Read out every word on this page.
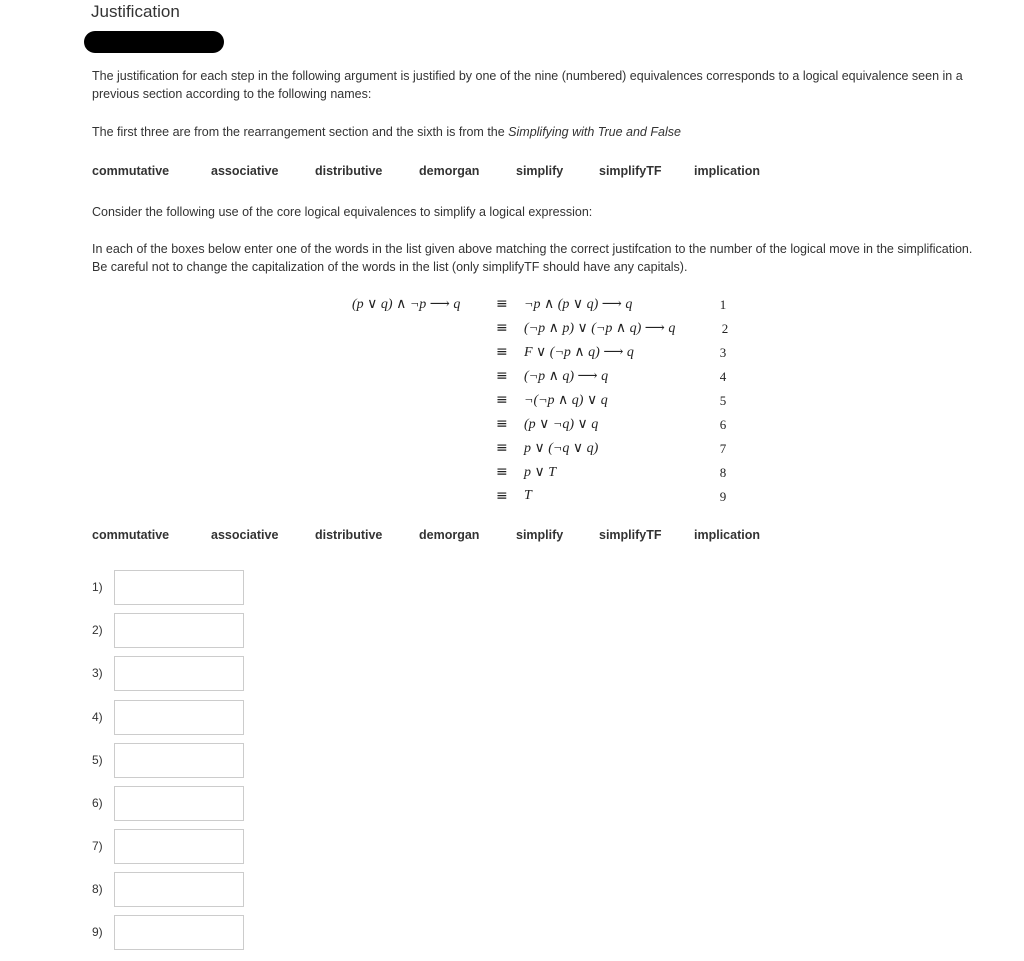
Justification
The justification for each step in the following argument is justified by one of the nine (numbered) equivalences corresponds to a logical equivalence seen in a previous section according to the following names:
The first three are from the rearrangement section and the sixth is from the Simplifying with True and False
commutative	associative	distributive	demorgan	simplify	simplifyTF	implication
Consider the following use of the core logical equivalences to simplify a logical expression:
In each of the boxes below enter one of the words in the list given above matching the correct justifcation to the number of the logical move in the simplification. Be careful not to change the capitalization of the words in the list (only simplifyTF should have any capitals).
(p ∨ q) ∧ ¬p ⟶ q	≡ ¬p ∧ (p ∨ q) ⟶ q	1
≡ (¬p ∧ p) ∨ (¬p ∧ q) ⟶ q	2
≡ F ∨ (¬p ∧ q) ⟶ q	3
≡ (¬p ∧ q) ⟶ q	4
≡ ¬(¬p ∧ q) ∨ q	5
≡ (p ∨ ¬q) ∨ q	6
≡ p ∨ (¬q ∨ q)	7
≡ p ∨ T	8
≡ T	9
commutative	associative	distributive	demorgan	simplify	simplifyTF	implication
1)
2)
3)
4)
5)
6)
7)
8)
9)
